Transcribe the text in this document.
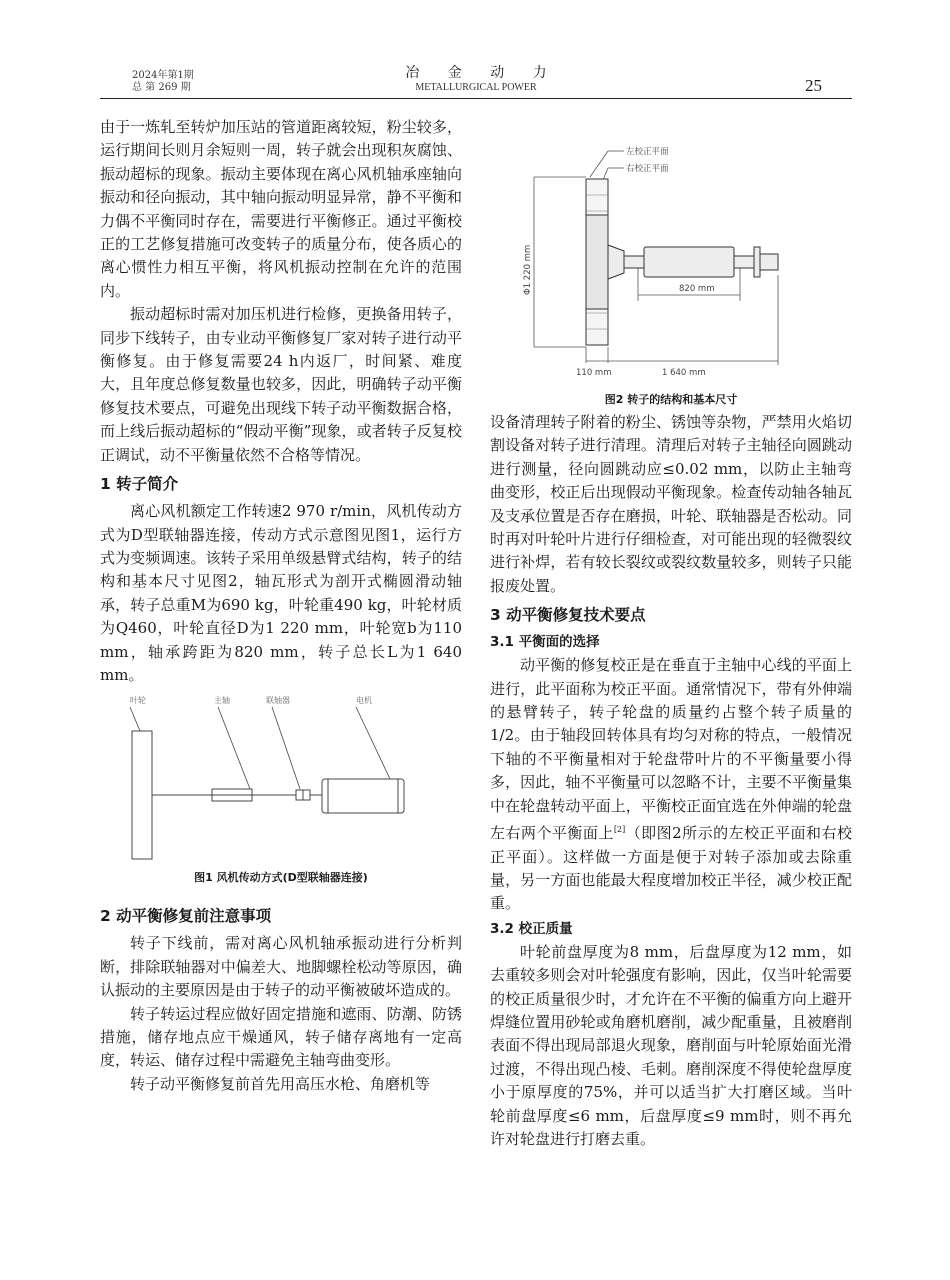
2024年第1期
总 第 269 期
冶 金 动 力
METALLURGICAL POWER	25

由于一炼轧至转炉加压站的管道距离较短，粉尘较多，运行期间长则月余短则一周，转子就会出现积灰腐蚀、振动超标的现象。振动主要体现在离心风机轴承座轴向振动和径向振动，其中轴向振动明显异常，静不平衡和力偶不平衡同时存在，需要进行平衡修正。通过平衡校正的工艺修复措施可改变转子的质量分布，使各质心的离心惯性力相互平衡，将风机振动控制在允许的范围内。

振动超标时需对加压机进行检修，更换备用转子，同步下线转子，由专业动平衡修复厂家对转子进行动平衡修复。由于修复需要24 h内返厂，时间紧、难度大，且年度总修复数量也较多，因此，明确转子动平衡修复技术要点，可避免出现线下转子动平衡数据合格，而上线后振动超标的“假动平衡”现象，或者转子反复校正调试，动不平衡量依然不合格等情况。

1 转子简介

离心风机额定工作转速2 970 r/min，风机传动方式为D型联轴器连接，传动方式示意图见图1，运行方式为变频调速。该转子采用单级悬臂式结构，转子的结构和基本尺寸见图2，轴瓦形式为剖开式椭圆滑动轴承，转子总重M为690 kg，叶轮重490 kg，叶轮材质为Q460，叶轮直径D为1 220 mm，叶轮宽b为110 mm，轴承跨距为820 mm，转子总长L为1 640 mm。

叶轮	主轴	联轴器	电机
图1 风机传动方式(D型联轴器连接)
2 动平衡修复前注意事项

转子下线前，需对离心风机轴承振动进行分析判断，排除联轴器对中偏差大、地脚螺栓松动等原因，确认振动的主要原因是由于转子的动平衡被破坏造成的。

转子转运过程应做好固定措施和遮雨、防潮、防锈措施，储存地点应干燥通风，转子储存离地有一定高度，转运、储存过程中需避免主轴弯曲变形。

转子动平衡修复前首先用高压水枪、角磨机等

左校正平面
右校正平面
820 mm
110 mm	1 640 mm
Φ1 220 mm
图2 转子的结构和基本尺寸

设备清理转子附着的粉尘、锈蚀等杂物，严禁用火焰切割设备对转子进行清理。清理后对转子主轴径向圆跳动进行测量，径向圆跳动应≤0.02 mm，以防止主轴弯曲变形，校正后出现假动平衡现象。检查传动轴各轴瓦及支承位置是否存在磨损，叶轮、联轴器是否松动。同时再对叶轮叶片进行仔细检查，对可能出现的轻微裂纹进行补焊，若有较长裂纹或裂纹数量较多，则转子只能报废处置。

3 动平衡修复技术要点
3.1 平衡面的选择

动平衡的修复校正是在垂直于主轴中心线的平面上进行，此平面称为校正平面。通常情况下，带有外伸端的悬臂转子，转子轮盘的质量约占整个转子质量的1/2。由于轴段回转体具有均匀对称的特点，一般情况下轴的不平衡量相对于轮盘带叶片的不平衡量要小得多，因此，轴不平衡量可以忽略不计，主要不平衡量集中在轮盘转动平面上，平衡校正面宜选在外伸端的轮盘左右两个平衡面上[2]（即图2所示的左校正平面和右校正平面）。这样做一方面是便于对转子添加或去除重量，另一方面也能最大程度增加校正半径，减少校正配重。

3.2 校正质量

叶轮前盘厚度为8 mm，后盘厚度为12 mm，如去重较多则会对叶轮强度有影响，因此，仅当叶轮需要的校正质量很少时，才允许在不平衡的偏重方向上避开焊缝位置用砂轮或角磨机磨削，减少配重量，且被磨削表面不得出现局部退火现象，磨削面与叶轮原始面光滑过渡，不得出现凸棱、毛刺。磨削深度不得使轮盘厚度小于原厚度的75%，并可以适当扩大打磨区域。当叶轮前盘厚度≤6 mm，后盘厚度≤9 mm时，则不再允许对轮盘进行打磨去重。
